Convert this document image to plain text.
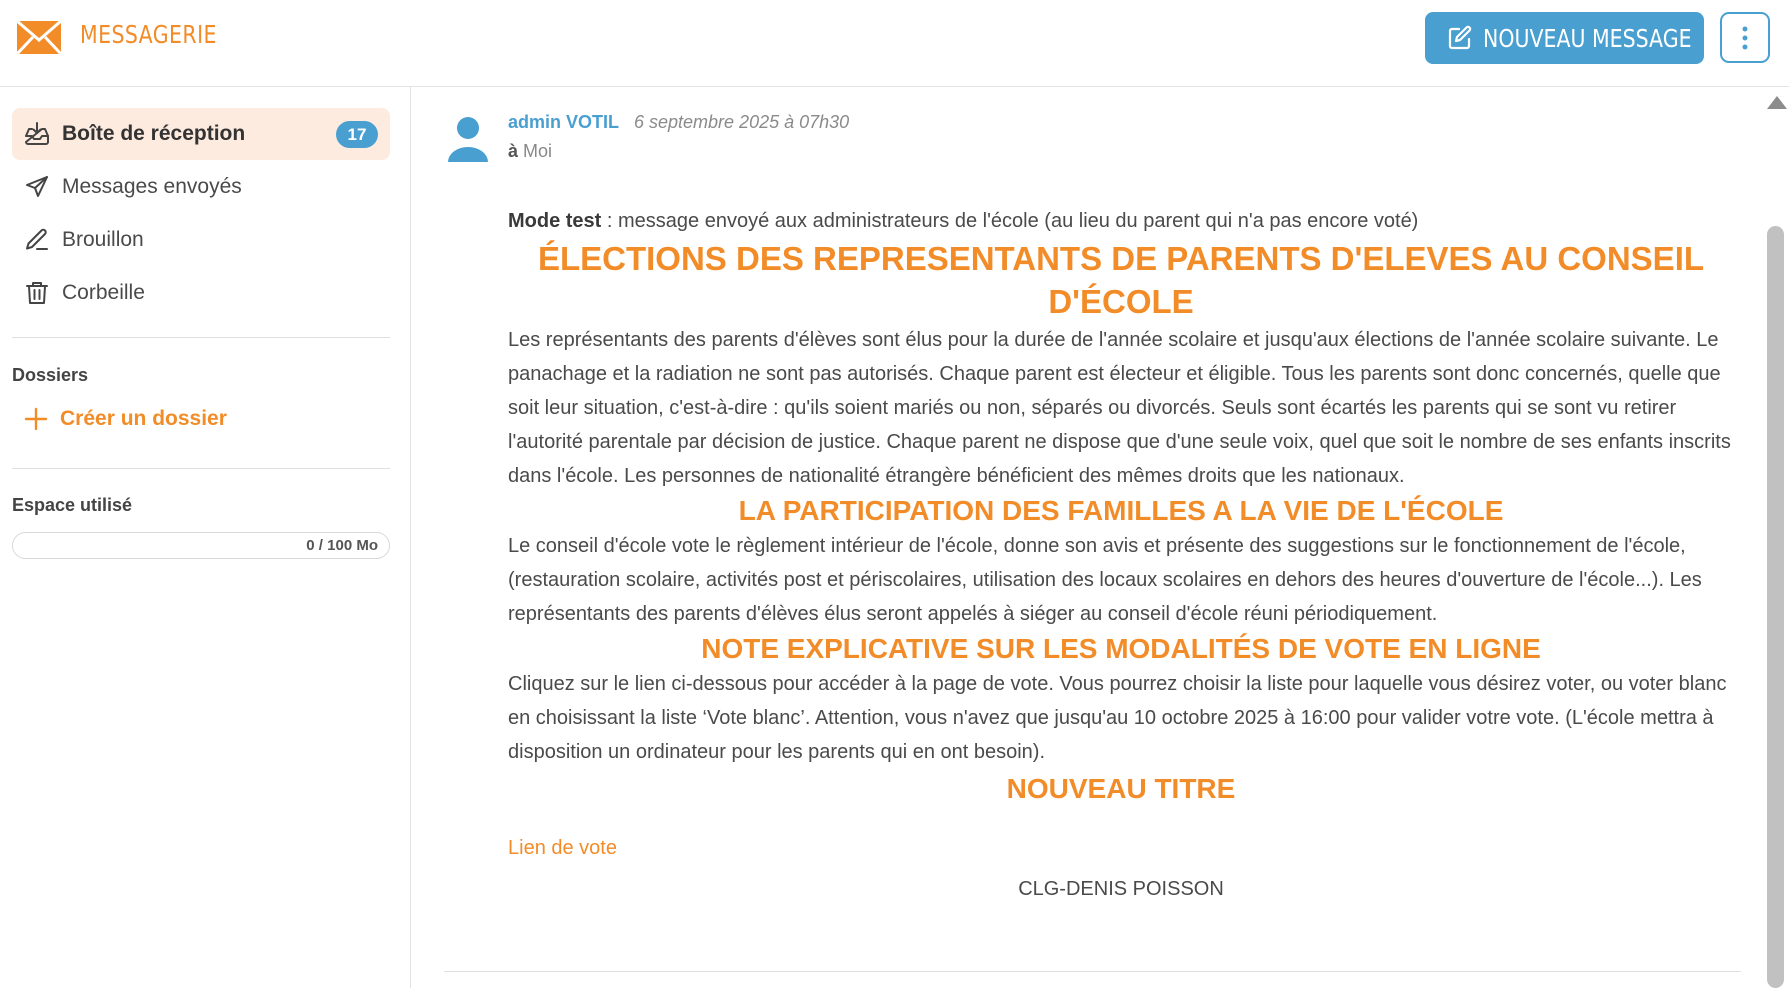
MESSAGERIE	NOUVEAU MESSAGE
Boîte de réception	17
Messages envoyés
Brouillon
Corbeille
Dossiers
Créer un dossier
Espace utilisé
0 / 100 Mo
admin VOTIL 6 septembre 2025 à 07h30
à Moi

Mode test : message envoyé aux administrateurs de l'école (au lieu du parent qui n'a pas encore voté)

ÉLECTIONS DES REPRESENTANTS DE PARENTS D'ELEVES AU CONSEIL D'ÉCOLE

Les représentants des parents d'élèves sont élus pour la durée de l'année scolaire et jusqu'aux élections de l'année scolaire suivante. Le panachage et la radiation ne sont pas autorisés. Chaque parent est électeur et éligible. Tous les parents sont donc concernés, quelle que soit leur situation, c'est-à-dire : qu'ils soient mariés ou non, séparés ou divorcés. Seuls sont écartés les parents qui se sont vu retirer l'autorité parentale par décision de justice. Chaque parent ne dispose que d'une seule voix, quel que soit le nombre de ses enfants inscrits dans l'école. Les personnes de nationalité étrangère bénéficient des mêmes droits que les nationaux.

LA PARTICIPATION DES FAMILLES A LA VIE DE L'ÉCOLE

Le conseil d'école vote le règlement intérieur de l'école, donne son avis et présente des suggestions sur le fonctionnement de l'école, (restauration scolaire, activités post et périscolaires, utilisation des locaux scolaires en dehors des heures d'ouverture de l'école...). Les représentants des parents d'élèves élus seront appelés à siéger au conseil d'école réuni périodiquement.

NOTE EXPLICATIVE SUR LES MODALITÉS DE VOTE EN LIGNE

Cliquez sur le lien ci-dessous pour accéder à la page de vote. Vous pourrez choisir la liste pour laquelle vous désirez voter, ou voter blanc en choisissant la liste ‘Vote blanc’. Attention, vous n'avez que jusqu'au 10 octobre 2025 à 16:00 pour valider votre vote. (L'école mettra à disposition un ordinateur pour les parents qui en ont besoin).

NOUVEAU TITRE
Lien de vote

CLG-DENIS POISSON
